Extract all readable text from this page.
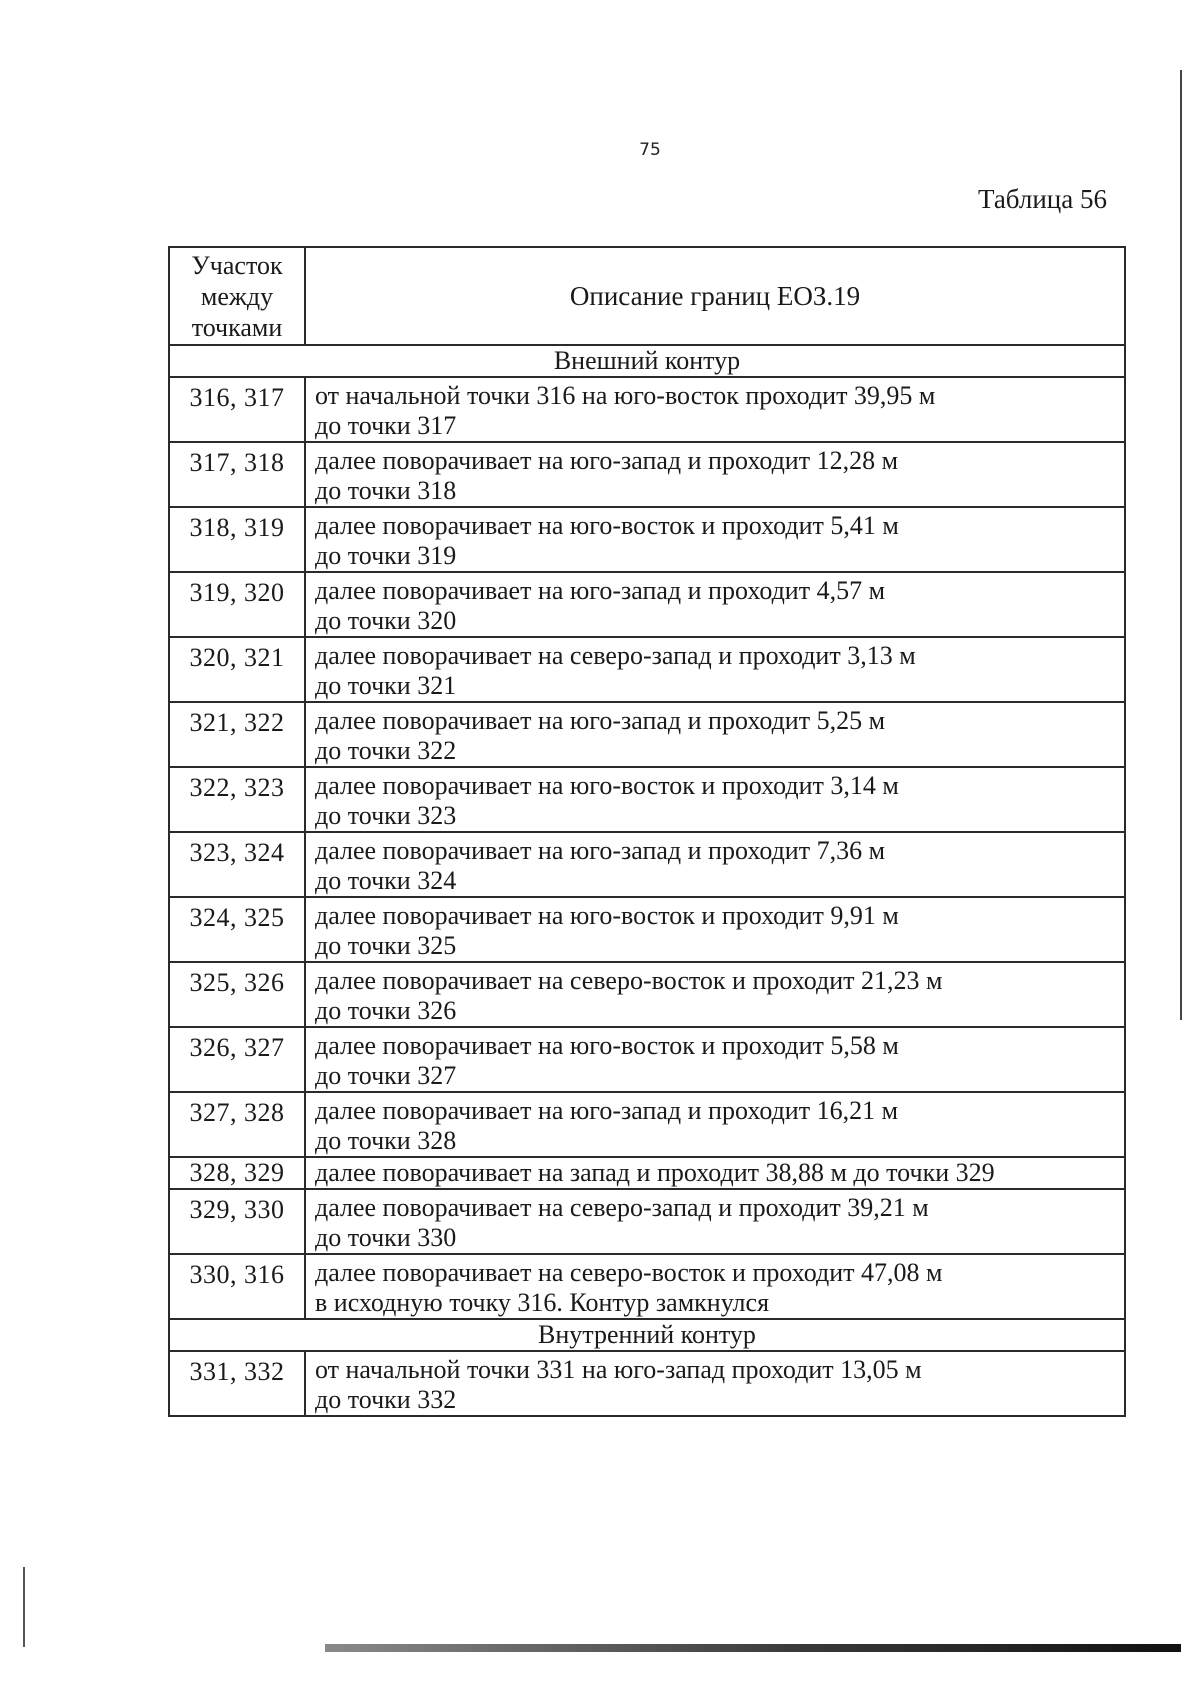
75
Таблица 56
Участок
между
точками	Описание границ ЕОЗ.19
Внешний контур	
316, 317	от начальной точки 316 на юго-восток проходит 39,95 м
до точки 317

317, 318	далее поворачивает на юго-запад и проходит 12,28 м
до точки 318

318, 319	далее поворачивает на юго-восток и проходит 5,41 м
до точки 319

319, 320	далее поворачивает на юго-запад и проходит 4,57 м
до точки 320

320, 321	далее поворачивает на северо-запад и проходит 3,13 м
до точки 321

321, 322	далее поворачивает на юго-запад и проходит 5,25 м
до точки 322

322, 323	далее поворачивает на юго-восток и проходит 3,14 м
до точки 323

323, 324	далее поворачивает на юго-запад и проходит 7,36 м
до точки 324

324, 325	далее поворачивает на юго-восток и проходит 9,91 м
до точки 325

325, 326	далее поворачивает на северо-восток и проходит 21,23 м
до точки 326

326, 327	далее поворачивает на юго-восток и проходит 5,58 м
до точки 327

327, 328	далее поворачивает на юго-запад и проходит 16,21 м
до точки 328

328, 329	далее поворачивает на запад и проходит 38,88 м до точки 329

329, 330	далее поворачивает на северо-запад и проходит 39,21 м
до точки 330

330, 316	далее поворачивает на северо-восток и проходит 47,08 м
в исходную точку 316. Контур замкнулся

Внутренний контур	
331, 332	от начальной точки 331 на юго-запад проходит 13,05 м
до точки 332
